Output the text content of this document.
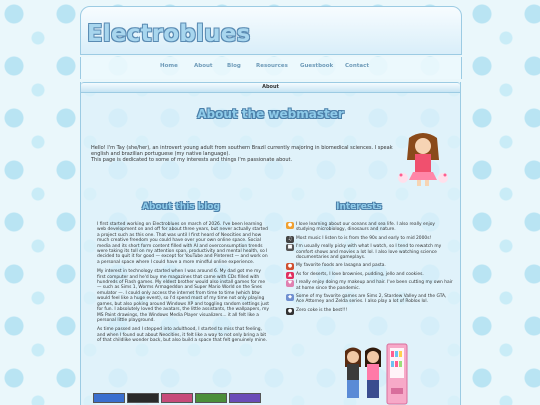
Electroblues
Home	About	Blog	Resources Guestbook Contact
About
About the webmaster

Hello! I'm Tay (she/her), an introvert young adult from southern Brazil currently majoring in biomedical sciences. I speak english and brazilian portuguese (my native language).

This page is dedicated to some of my interests and things I'm passionate about.

About this blog	Interests

I first started working on Electroblues on march of 2026. I've been learning web development on and off for about three years, but never actually started a project such as this one. That was until I first heard of Neocities and how much creative freedom you could have over your own online space. Social media and its short form content filled with AI and overconsumption trends were taking its toll on my attention span, productivity and mental health, so I decided to quit it for good — except for YouTube and Pinterest — and work on a personal space where I could have a more mindful online experience.

My interest in technology started when I was around 6. My dad got me my first computer and he'd buy me magazines that came with CDs filled with hundreds of Flash games. My eldest brother would also install games for me — such as Sims 1, Worms Armageddon and Super Mario World on the Snes emulator —. I could only access the internet from time to time (which btw would feel like a huge event), so I'd spend most of my time not only playing games, but also poking around Windows XP and toggling random settings just for fun. I absolutely loved the avatars, the little assistants, the wallpapers, my MS Paint drawings, the Windows Media Player visualizers... it all felt like a personal little playground.

As time passed and I stepped into adulthood, I started to miss that feeling, and when I found out about Neocities, it felt like a way to not only bring a bit of that childlike wonder back, but also build a space that felt genuinely mine.

● I love learning about our oceans and sea life. I also really enjoy studying microbiology, dinosaurs and nature.
♫ Most music I listen to is from the 90s and early to mid 2000s!
■ I'm usually really picky with what I watch, so I tend to rewatch my comfort shows and movies a lot lol. I also love watching science documentaries and gameplays.
● My favorite foods are lasagna and pasta.
▲ As for deserts, I love brownies, pudding, jello and cookies.
♥ I really enjoy doing my makeup and hair. I've been cutting my own hair at home since the pandemic.
◆ Some of my favorite games are Sims 2, Stardew Valley and the GTA, Ace Attorney and Zelda series. I also play a lot of Roblox lol.
● Zero coke is the best!!!
